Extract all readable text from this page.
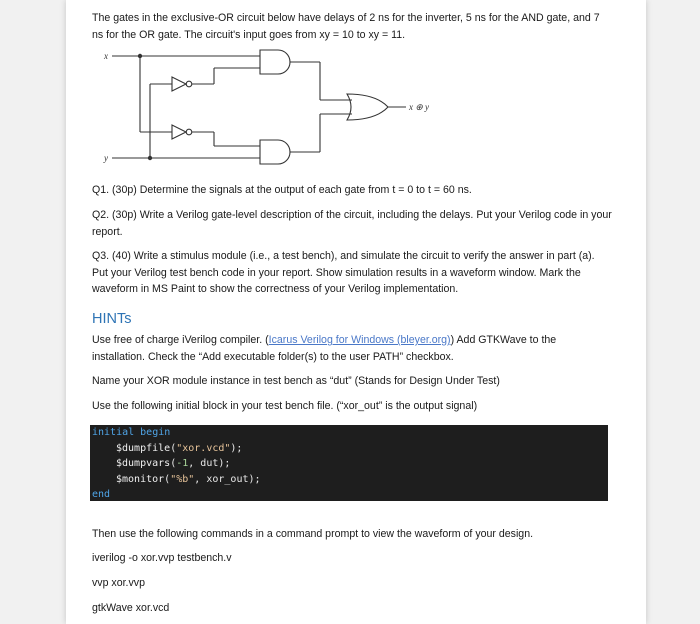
The gates in the exclusive-OR circuit below have delays of 2 ns for the inverter, 5 ns for the AND gate, and 7 ns for the OR gate. The circuit's input goes from xy = 10 to xy = 11.
x
y
x ⊕ y
Q1. (30p) Determine the signals at the output of each gate from t = 0 to t = 60 ns.
Q2. (30p) Write a Verilog gate-level description of the circuit, including the delays. Put your Verilog code in your report.
Q3. (40) Write a stimulus module (i.e., a test bench), and simulate the circuit to verify the answer in part (a). Put your Verilog test bench code in your report. Show simulation results in a waveform window. Mark the waveform in MS Paint to show the correctness of your Verilog implementation.
HINTs
Use free of charge iVerilog compiler. (Icarus Verilog for Windows (bleyer.org)) Add GTKWave to the installation. Check the “Add executable folder(s) to the user PATH” checkbox.
Name your XOR module instance in test bench as “dut” (Stands for Design Under Test)
Use the following initial block in your test bench file. (“xor_out” is the output signal)
initial begin
$dumpfile("xor.vcd");
$dumpvars(-1, dut);
$monitor("%b", xor_out);
end
Then use the following commands in a command prompt to view the waveform of your design.
iverilog -o xor.vvp testbench.v
vvp xor.vvp
gtkWave xor.vcd
